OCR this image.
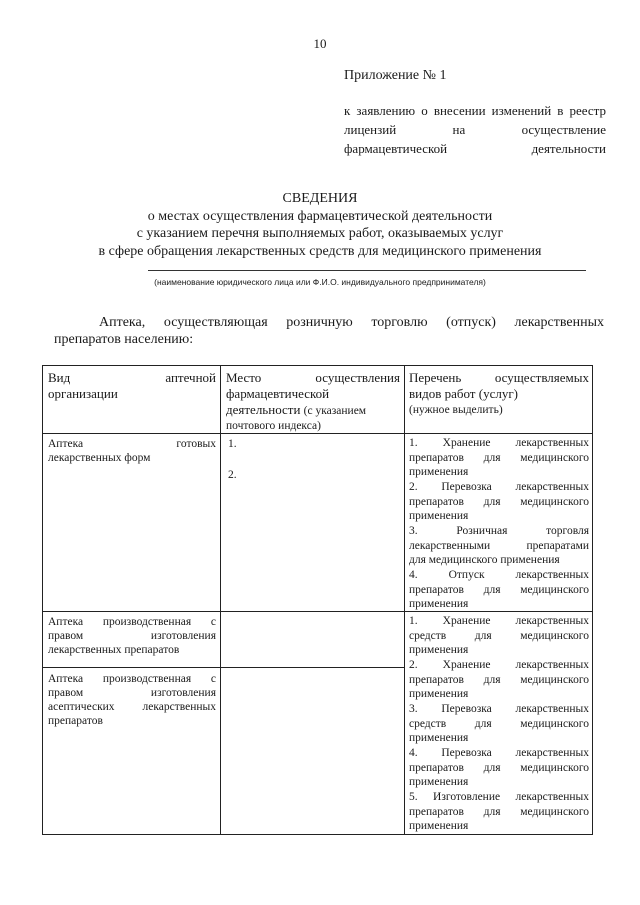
10
Приложение № 1
к заявлению о внесении изменений в реестр лицензий на осуществление фармацевтической деятельности
СВЕДЕНИЯ
о местах осуществления фармацевтической деятельности
с указанием перечня выполняемых работ, оказываемых услуг
в сфере обращения лекарственных средств для медицинского применения
(наименование юридического лица или Ф.И.О. индивидуального предпринимателя)
Аптека, осуществляющая розничную торговлю (отпуск) лекарственных
препаратов населению:
Вид аптечной
организации
Место осуществления
фармацевтической
деятельности (с указанием
почтового индекса)
Перечень осуществляемых
видов работ (услуг)
(нужное выделить)
Аптека готовых
лекарственных форм
1.
2.
1. Хранение лекарственных
препаратов для медицинского
применения
2. Перевозка лекарственных
препаратов для медицинского
применения
3. Розничная торговля
лекарственными препаратами
для медицинского применения
4. Отпуск лекарственных
препаратов для медицинского
применения
Аптека производственная с
правом изготовления
лекарственных препаратов
Аптека производственная с
правом изготовления
асептических лекарственных
препаратов
1. Хранение лекарственных
средств для медицинского
применения
2. Хранение лекарственных
препаратов для медицинского
применения
3. Перевозка лекарственных
средств для медицинского
применения
4. Перевозка лекарственных
препаратов для медицинского
применения
5. Изготовление лекарственных
препаратов для медицинского
применения
